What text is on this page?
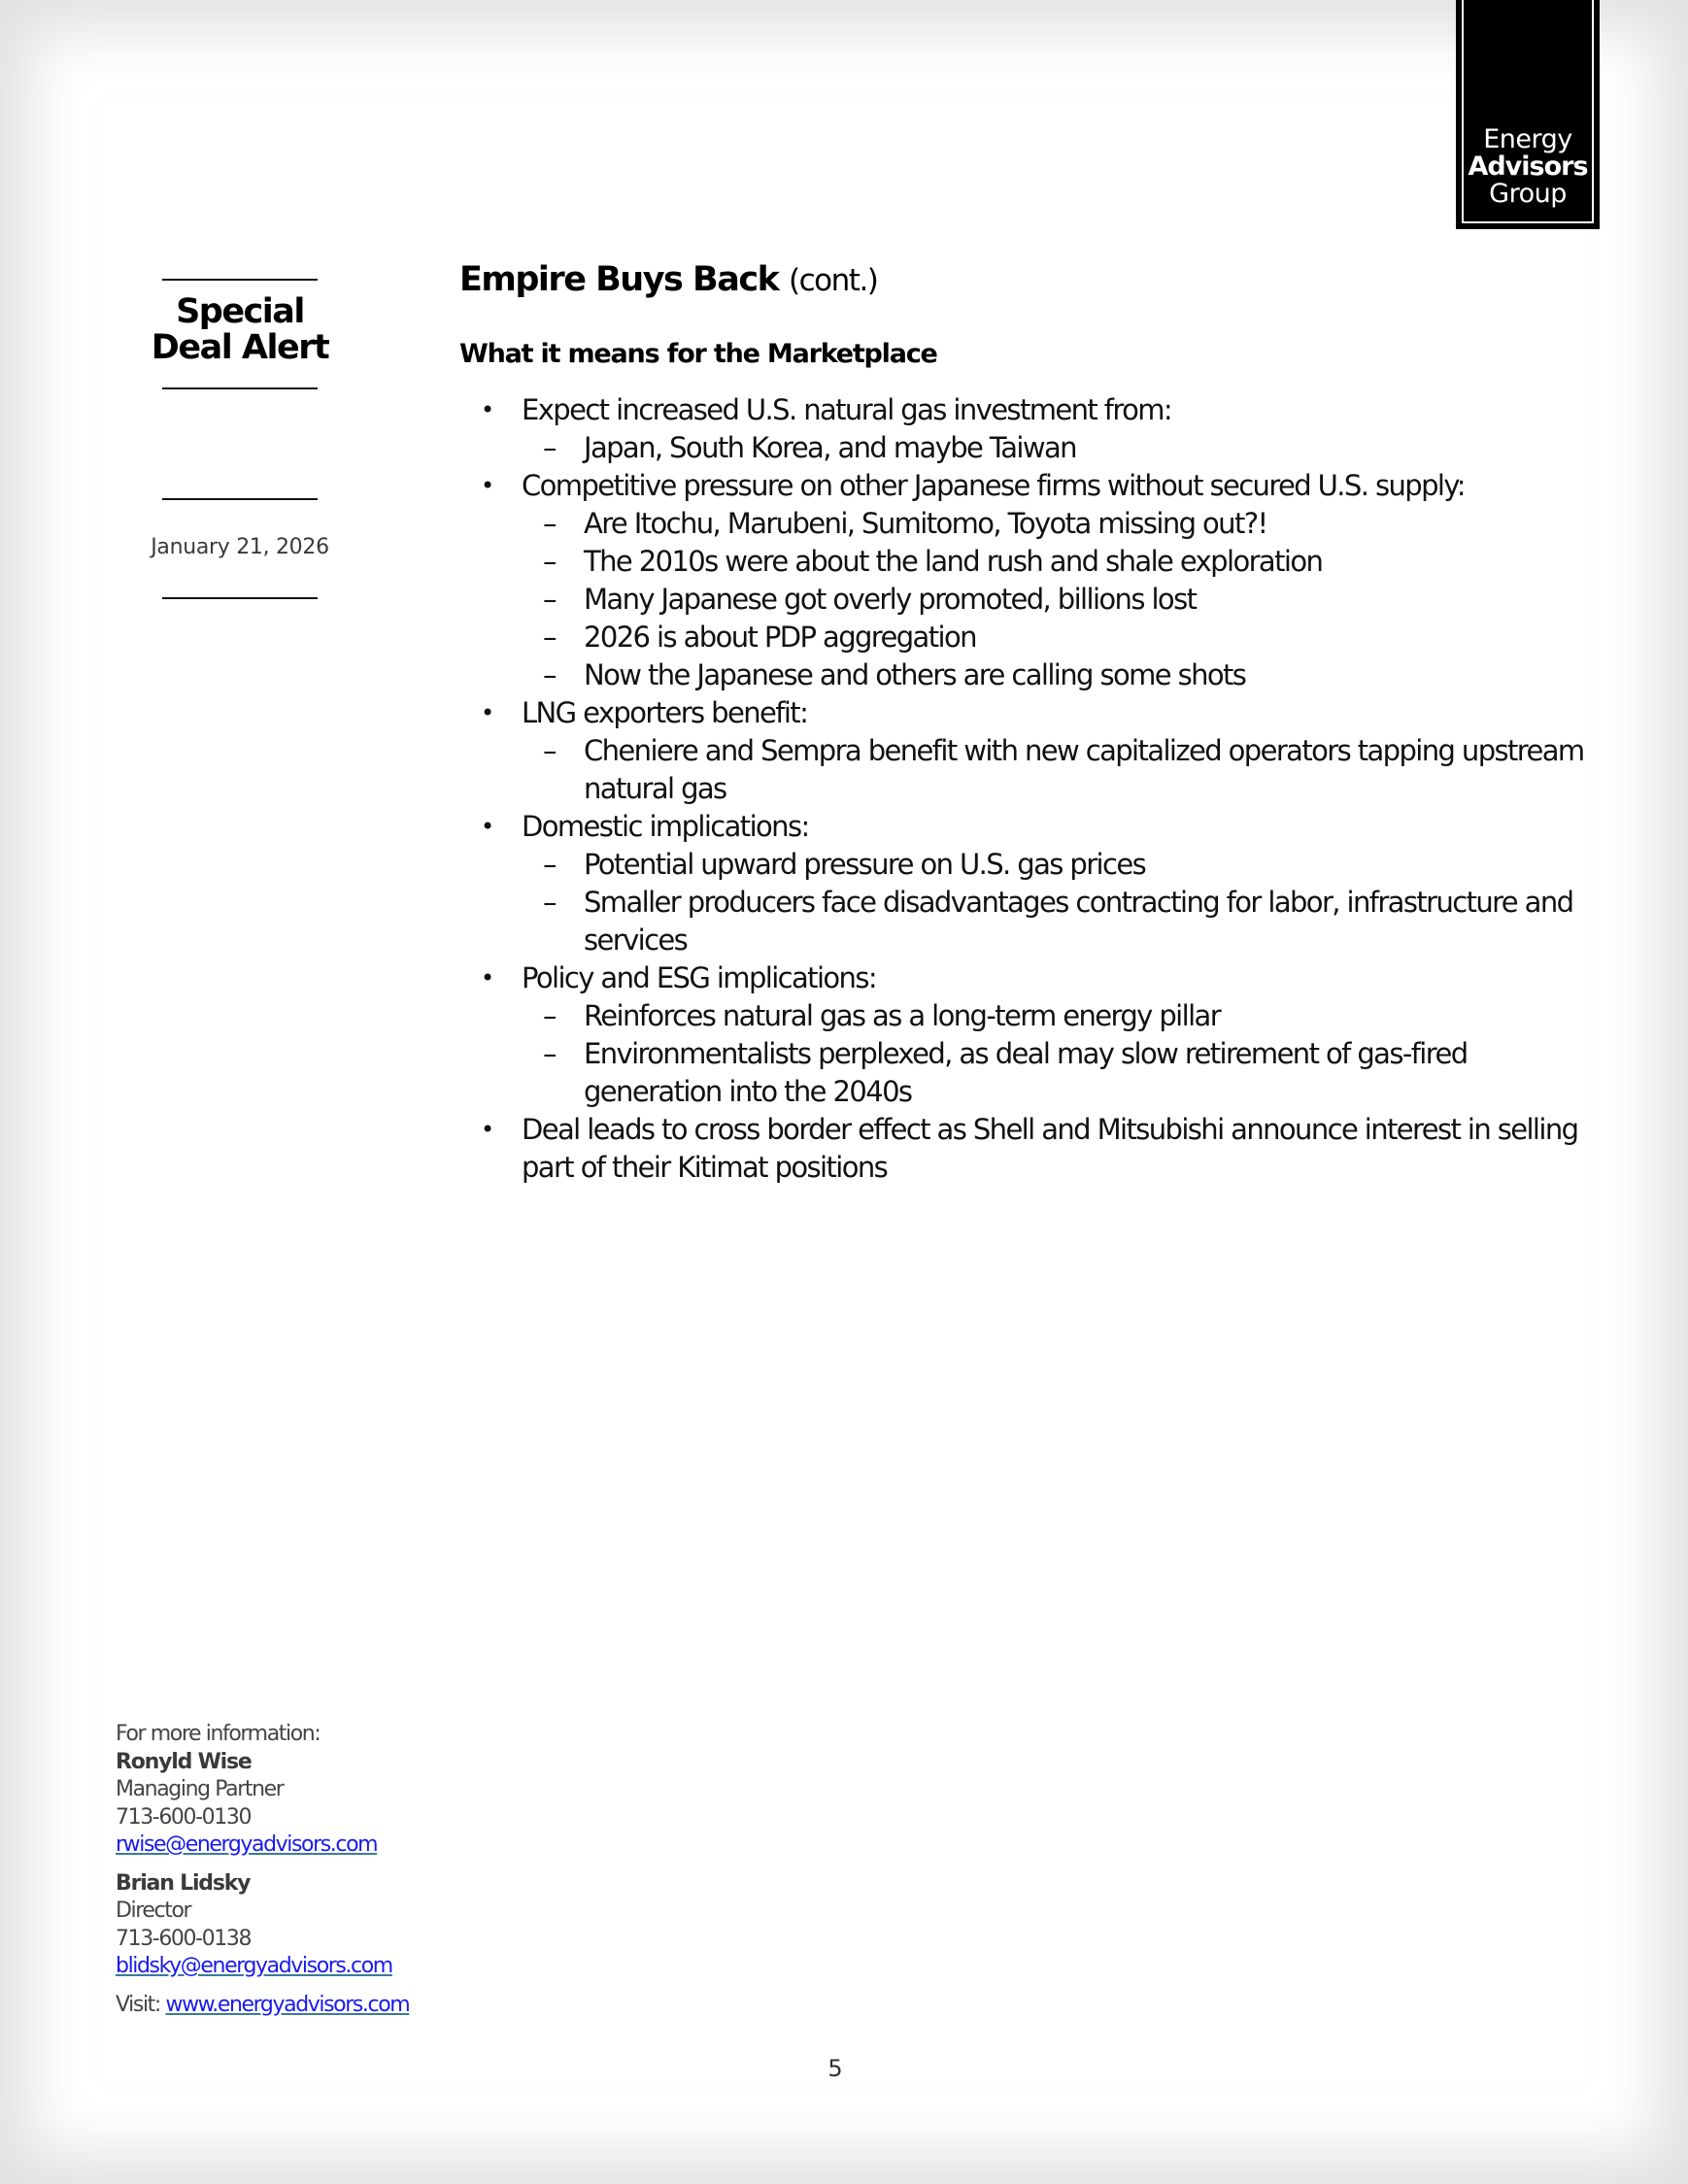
Energy
Advisors
Group
Special
Deal Alert
January 21, 2026
Empire Buys Back (cont.)
What it means for the Marketplace
• Expect increased U.S. natural gas investment from:
– Japan, South Korea, and maybe Taiwan
• Competitive pressure on other Japanese firms without secured U.S. supply:
– Are Itochu, Marubeni, Sumitomo, Toyota missing out?!
– The 2010s were about the land rush and shale exploration
– Many Japanese got overly promoted, billions lost
– 2026 is about PDP aggregation
– Now the Japanese and others are calling some shots
• LNG exporters benefit:
– Cheniere and Sempra benefit with new capitalized operators tapping upstream natural gas
• Domestic implications:
– Potential upward pressure on U.S. gas prices
– Smaller producers face disadvantages contracting for labor, infrastructure and services
• Policy and ESG implications:
– Reinforces natural gas as a long-term energy pillar
– Environmentalists perplexed, as deal may slow retirement of gas-fired generation into the 2040s
• Deal leads to cross border effect as Shell and Mitsubishi announce interest in selling part of their Kitimat positions
For more information:
Ronyld Wise
Managing Partner
713-600-0130
rwise@energyadvisors.com
Brian Lidsky
Director
713-600-0138
blidsky@energyadvisors.com
Visit: www.energyadvisors.com
5
